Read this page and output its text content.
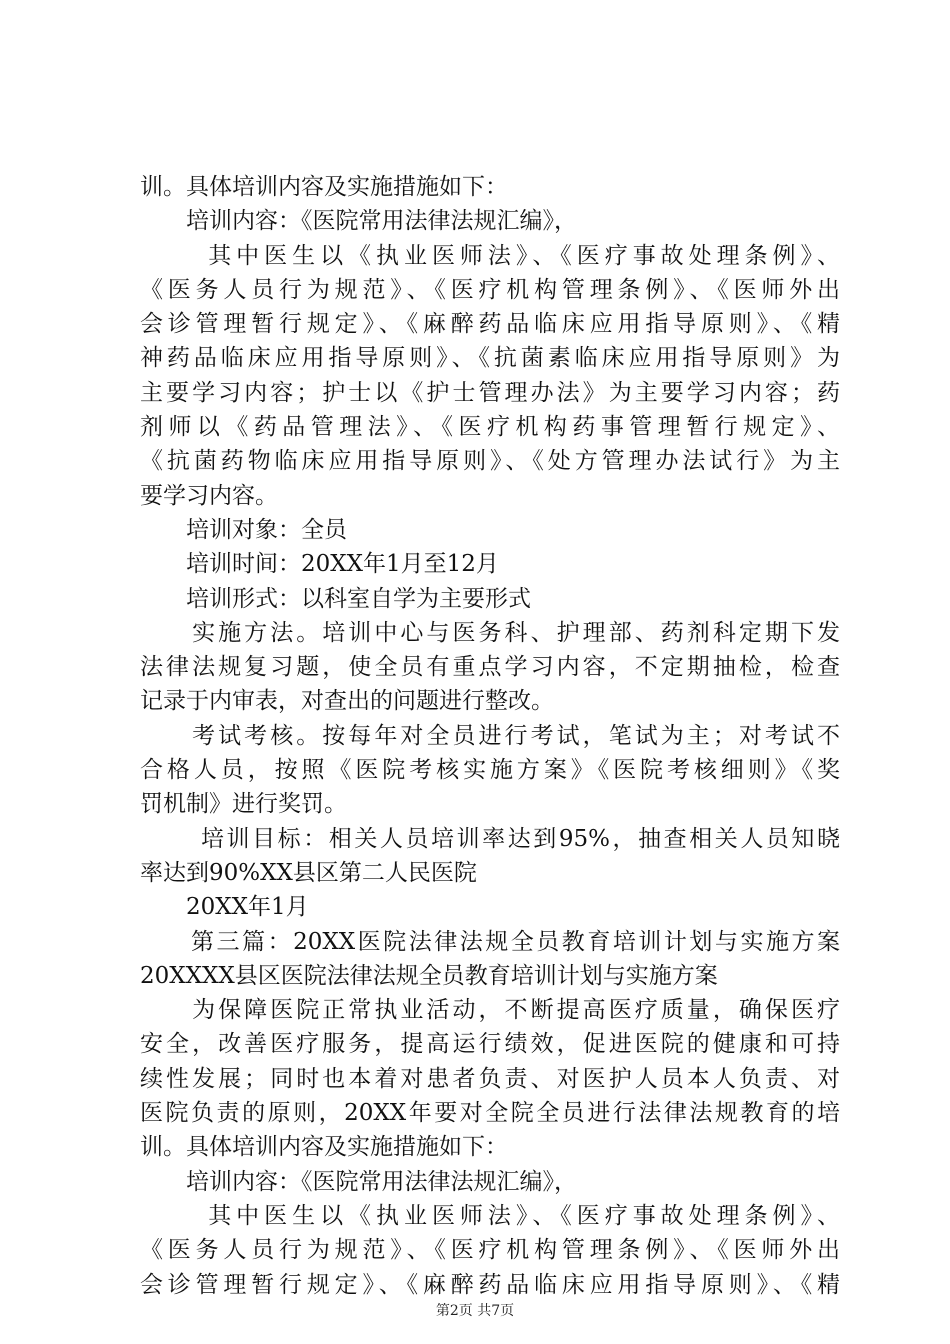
训。具体培训内容及实施措施如下：
　　培训内容：《医院常用法律法规汇编》，
　　 其中医生以《执业医师法》、《医疗事故处理条例》、
《医务人员行为规范》、《医疗机构管理条例》、《医师外出
会诊管理暂行规定》、《麻醉药品临床应用指导原则》、《精
神药品临床应用指导原则》、《抗菌素临床应用指导原则》为
主要学习内容；护士以《护士管理办法》为主要学习内容；药
剂师以《药品管理法》、《医疗机构药事管理暂行规定》、
《抗菌药物临床应用指导原则》、《处方管理办法试行》为主
要学习内容。
　　培训对象：全员
　　培训时间：20XX年1月至12月
　　培训形式：以科室自学为主要形式
　　实施方法。培训中心与医务科、护理部、药剂科定期下发
法律法规复习题，使全员有重点学习内容，不定期抽检，检查
记录于内审表，对查出的问题进行整改。
　　考试考核。按每年对全员进行考试，笔试为主；对考试不
合格人员，按照《医院考核实施方案》《医院考核细则》《奖
罚机制》进行奖罚。
　　 培训目标：相关人员培训率达到95%，抽查相关人员知晓
率达到90%XX县区第二人民医院
　　20XX年1月
　　第三篇：20XX医院法律法规全员教育培训计划与实施方案
20XXXX县区医院法律法规全员教育培训计划与实施方案
　　为保障医院正常执业活动，不断提高医疗质量，确保医疗
安全，改善医疗服务，提高运行绩效，促进医院的健康和可持
续性发展；同时也本着对患者负责、对医护人员本人负责、对
医院负责的原则，20XX年要对全院全员进行法律法规教育的培
训。具体培训内容及实施措施如下：
　　培训内容：《医院常用法律法规汇编》，
　　 其中医生以《执业医师法》、《医疗事故处理条例》、
《医务人员行为规范》、《医疗机构管理条例》、《医师外出
会诊管理暂行规定》、《麻醉药品临床应用指导原则》、《精
第2页 共7页
